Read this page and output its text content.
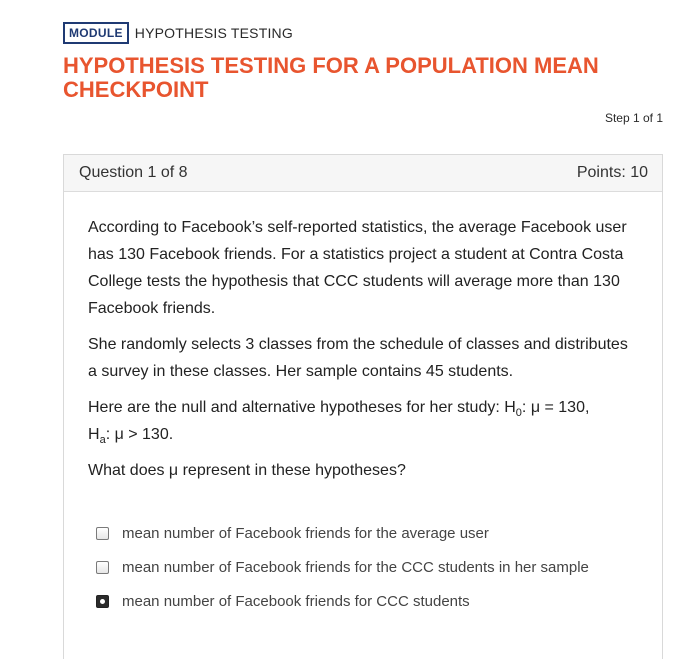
MODULE HYPOTHESIS TESTING
HYPOTHESIS TESTING FOR A POPULATION MEAN
CHECKPOINT
Step 1 of 1
Question 1 of 8	Points: 10

According to Facebook’s self-reported statistics, the average Facebook user has 130 Facebook friends. For a statistics project a student at Contra Costa College tests the hypothesis that CCC students will average more than 130 Facebook friends.

She randomly selects 3 classes from the schedule of classes and distributes a survey in these classes. Her sample contains 45 students.

Here are the null and alternative hypotheses for her study: $H_0$: μ = 130,
$H_a$: μ > 130.

What does μ represent in these hypotheses?

mean number of Facebook friends for the average user
mean number of Facebook friends for the CCC students in her sample
mean number of Facebook friends for CCC students
